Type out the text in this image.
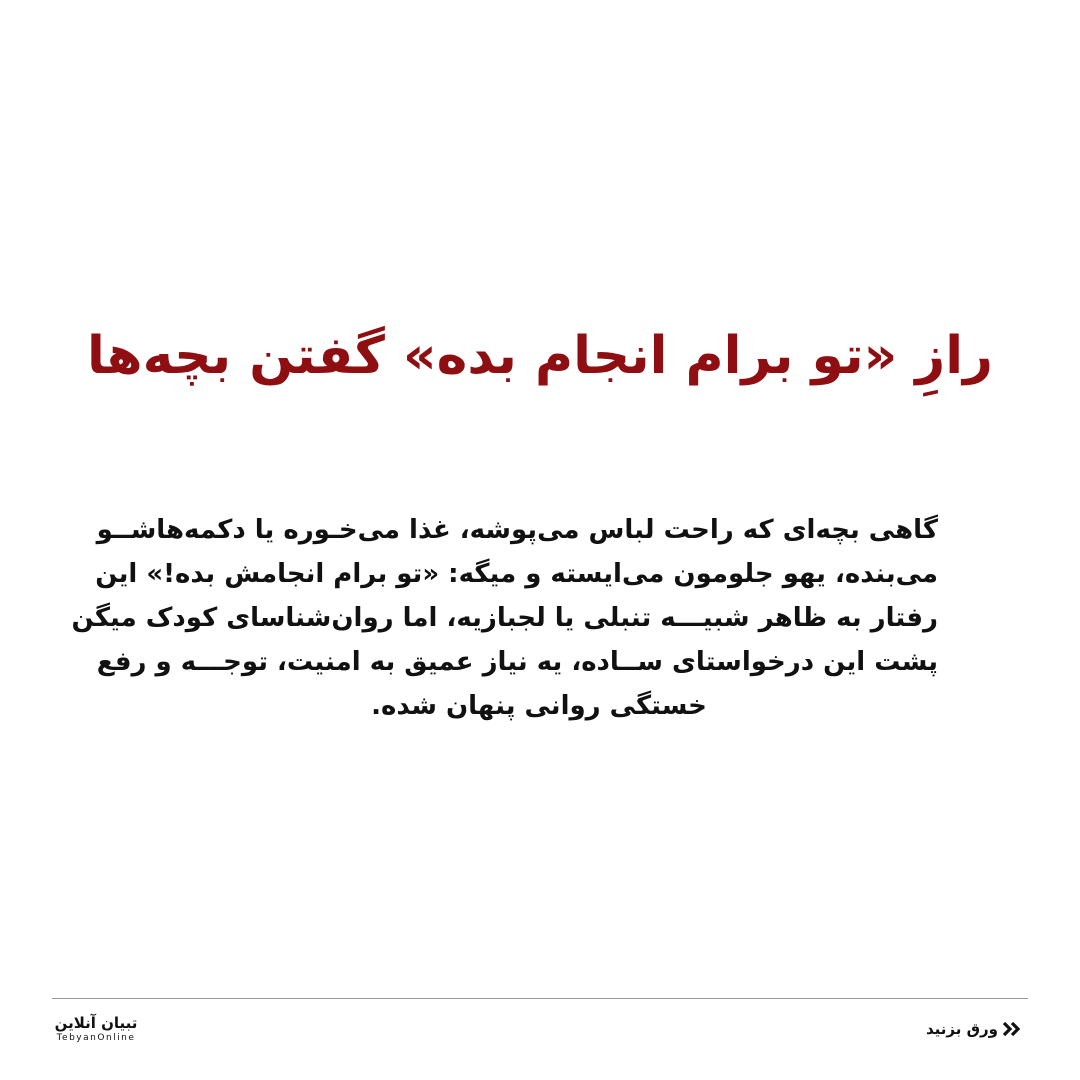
رازِ «تو برام انجام بده» گفتن بچه‌ها
گاهی بچه‌ای که راحت لباس می‌پوشه، غذا می‌خـوره یا دکمه‌هاشــو
می‌بنده، یهو جلومون می‌ایسته و میگه: «تو برام انجامش بده!» این
رفتار به ظاهر شبیـــه تنبلی یا لجبازیه، اما روان‌شناسای کودک میگن
پشت این درخواستای ســاده، یه نیاز عمیق به امنیت، توجـــه و رفع
خستگی روانی پنهان شده.
تبیان آنلاین
TebyanOnline	ورق بزنید
